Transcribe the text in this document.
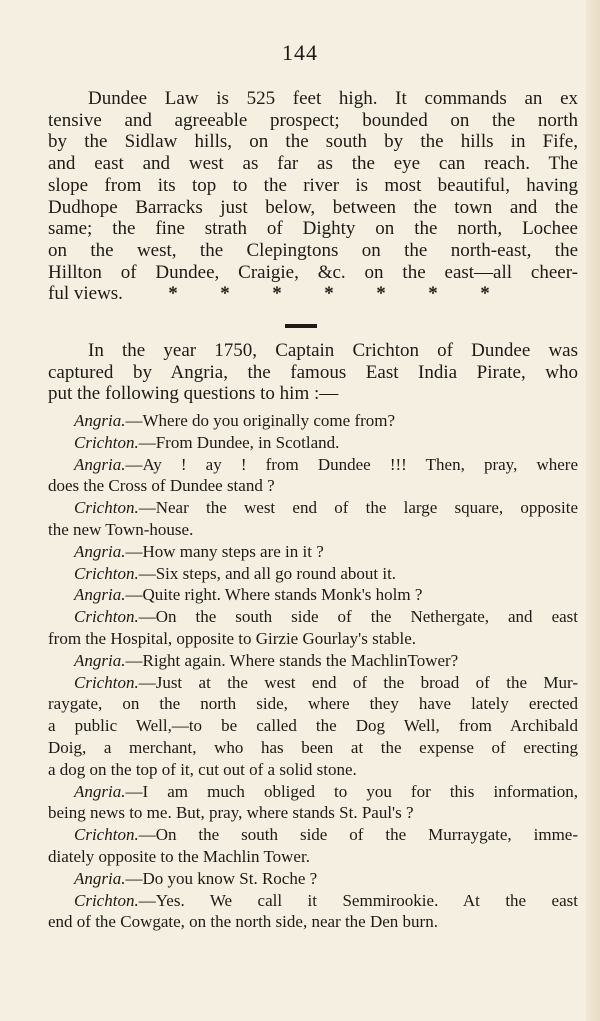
144
Dundee Law is 525 feet high. It commands an ex
tensive and agreeable prospect; bounded on the north
by the Sidlaw hills, on the south by the hills in Fife,
and east and west as far as the eye can reach. The
slope from its top to the river is most beautiful, having
Dudhope Barracks just below, between the town and the
same; the fine strath of Dighty on the north, Lochee
on the west, the Clepingtons on the north-east, the
Hillton of Dundee, Craigie, &c. on the east—all cheer-
ful views. * * * * * * *
In the year 1750, Captain Crichton of Dundee was
captured by Angria, the famous East India Pirate, who
put the following questions to him :—
Angria.—Where do you originally come from?
Crichton.—From Dundee, in Scotland.
Angria.—Ay ! ay ! from Dundee !!! Then, pray, where
does the Cross of Dundee stand ?
Crichton.—Near the west end of the large square, opposite
the new Town-house.
Angria.—How many steps are in it ?
Crichton.—Six steps, and all go round about it.
Angria.—Quite right. Where stands Monk's holm ?
Crichton.—On the south side of the Nethergate, and east
from the Hospital, opposite to Girzie Gourlay's stable.
Angria.—Right again. Where stands the MachlinTower?
Crichton.—Just at the west end of the broad of the Mur-
raygate, on the north side, where they have lately erected
a public Well,—to be called the Dog Well, from Archibald
Doig, a merchant, who has been at the expense of erecting
a dog on the top of it, cut out of a solid stone.
Angria.—I am much obliged to you for this information,
being news to me. But, pray, where stands St. Paul's ?
Crichton.—On the south side of the Murraygate, imme-
diately opposite to the Machlin Tower.
Angria.—Do you know St. Roche ?
Crichton.—Yes. We call it Semmirookie. At the east
end of the Cowgate, on the north side, near the Den burn.
